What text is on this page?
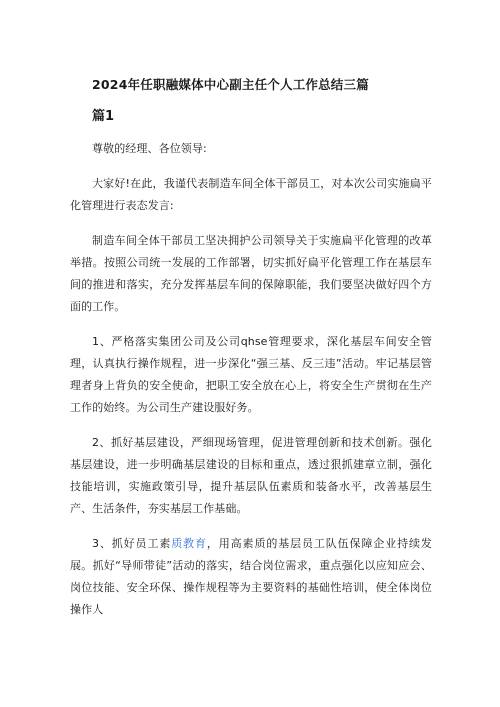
2024年任职融媒体中心副主任个人工作总结三篇
篇1
尊敬的经理、各位领导:
大家好!在此，我谨代表制造车间全体干部员工，对本次公司实施扁平化管理进行表态发言:
制造车间全体干部员工坚决拥护公司领导关于实施扁平化管理的改革举措。按照公司统一发展的工作部署，切实抓好扁平化管理工作在基层车间的推进和落实，充分发挥基层车间的保障职能，我们要坚决做好四个方面的工作。
1、严格落实集团公司及公司qhse管理要求，深化基层车间安全管理，认真执行操作规程，进一步深化“强三基、反三违”活动。牢记基层管理者身上背负的安全使命，把职工安全放在心上，将安全生产贯彻在生产工作的始终。为公司生产建设服好务。
2、抓好基层建设，严细现场管理，促进管理创新和技术创新。强化基层建设，进一步明确基层建设的目标和重点，透过狠抓建章立制，强化技能培训，实施政策引导，提升基层队伍素质和装备水平，改善基层生产、生活条件，夯实基层工作基础。
3、抓好员工素质教育，用高素质的基层员工队伍保障企业持续发展。抓好“导师带徒”活动的落实，结合岗位需求，重点强化以应知应会、岗位技能、安全环保、操作规程等为主要资料的基础性培训，使全体岗位操作人
